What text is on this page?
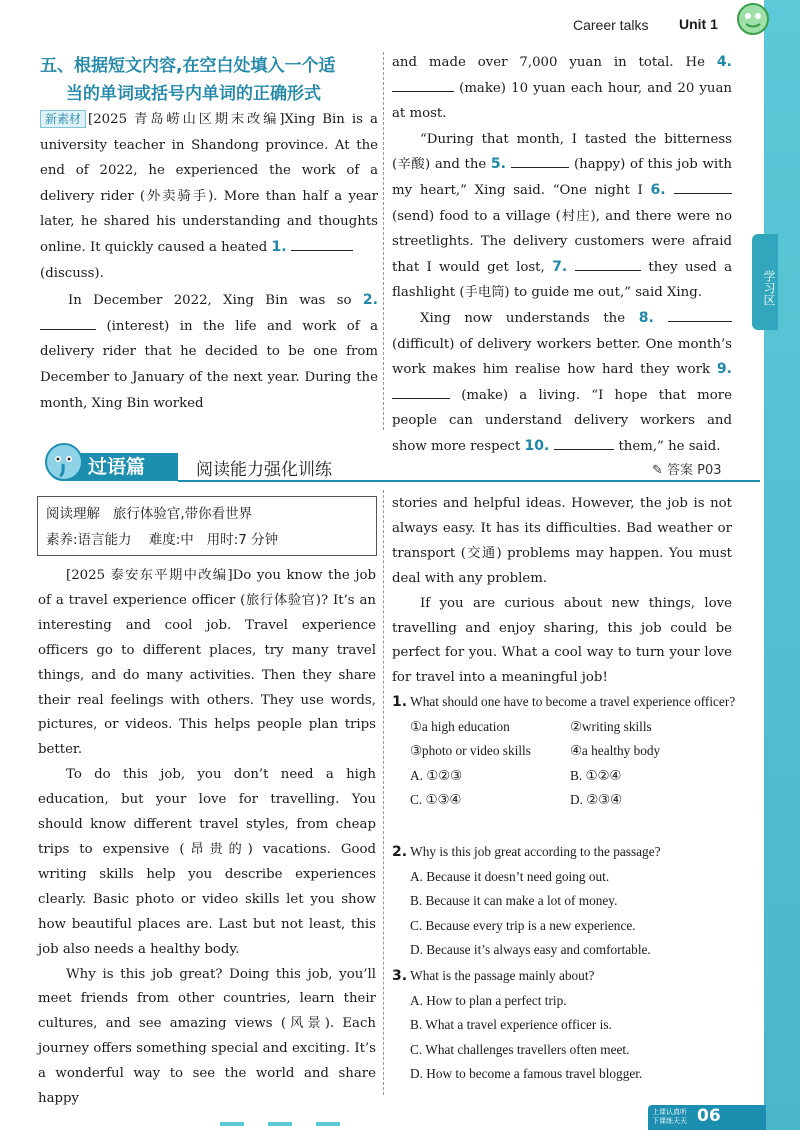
学习区
Career talks Unit 1
五、根据短文内容,在空白处填入一个适
当的单词或括号内单词的正确形式

新素材 [2025 青岛崂山区期末改编]Xing Bin is a university teacher in Shandong province. At the end of 2022, he experienced the work of a delivery rider (外卖骑手). More than half a year later, he shared his understanding and thoughts online. It quickly caused a heated 1.
(discuss).

In December 2022, Xing Bin was so 2.  (interest) in the life and work of a delivery rider that he decided to be one from December to January of the next year. During the month, Xing Bin worked

and made over 7,000 yuan in total. He 4.  (make) 10 yuan each hour, and 20 yuan at most.

“During that month, I tasted the bitterness (辛酸) and the 5.	(happy) of this job with my heart,” Xing said. “One night I 6.  (send) food to a village (村庄), and there were no streetlights. The delivery customers were afraid that I would get lost, 7.	they used a flashlight (手电筒) to guide me out,” said Xing.

Xing now understands the 8.  (difficult) of delivery workers better. One month’s work makes him realise how hard they work 9.  (make) a living. “I hope that more people can understand delivery workers and show more respect 10.	them,” he said.

过语篇	阅读能力强化训练	✎ 答案 P03
阅读理解 旅行体验官,带你看世界
素养:语言能力 难度:中 用时:7 分钟

[2025 泰安东平期中改编]Do you know the job of a travel experience officer (旅行体验官)? It’s an interesting and cool job. Travel experience officers go to different places, try many travel things, and do many activities. Then they share their real feelings with others. They use words, pictures, or videos. This helps people plan trips better.

To do this job, you don’t need a high education, but your love for travelling. You should know different travel styles, from cheap trips to expensive (昂贵的) vacations. Good writing skills help you describe experiences clearly. Basic photo or video skills let you show how beautiful places are. Last but not least, this job also needs a healthy body.

Why is this job great? Doing this job, you’ll meet friends from other countries, learn their cultures, and see amazing views (风景). Each journey offers something special and exciting. It’s a wonderful way to see the world and share happy

stories and helpful ideas. However, the job is not always easy. It has its difficulties. Bad weather or transport (交通) problems may happen. You must deal with any problem.

If you are curious about new things, love travelling and enjoy sharing, this job could be perfect for you. What a cool way to turn your love for travel into a meaningful job!

1. What should one have to become a travel experience officer?
①a high education	②writing skills
③photo or video skills	④a healthy body
A. ①②③	B. ①②④
C. ①③④	D. ②③④
2. Why is this job great according to the passage?
A. Because it doesn’t need going out.
B. Because it can make a lot of money.
C. Because every trip is a new experience.
D. Because it’s always easy and comfortable.
3. What is the passage mainly about?
A. How to plan a perfect trip.
B. What a travel experience officer is.
C. What challenges travellers often meet.
D. How to become a famous travel blogger.
上课认真听
下课练天天 06
